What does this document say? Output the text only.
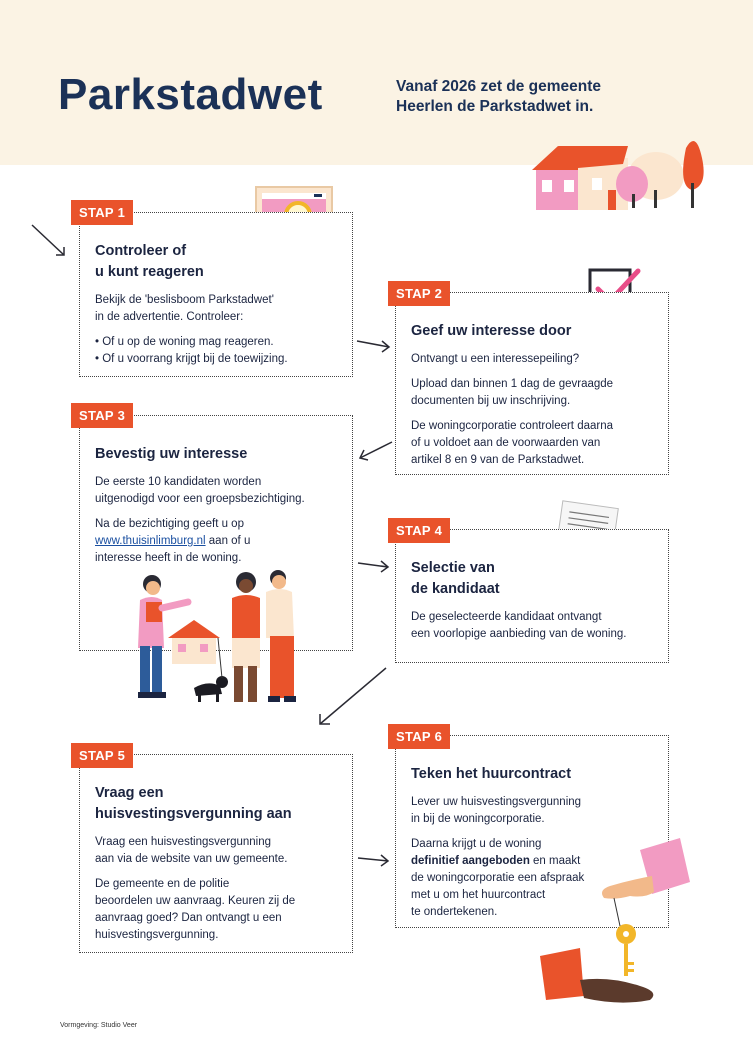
Parkstadwet	Vanaf 2026 zet de gemeente Heerlen de Parkstadwet in.
Controleer of
u kunt reageren

Bekijk de 'beslisboom Parkstadwet'
in de advertentie. Controleer:

• Of u op de woning mag reageren.
• Of u voorrang krijgt bij de toewijzing.
STAP 1
Geef uw interesse door

Ontvangt u een interessepeiling?

Upload dan binnen 1 dag de gevraagde
documenten bij uw inschrijving.

De woningcorporatie controleert daarna
of u voldoet aan de voorwaarden van
artikel 8 en 9 van de Parkstadwet.

STAP 2
Bevestig uw interesse

De eerste 10 kandidaten worden
uitgenodigd voor een groepsbezichtiging.

Na de bezichtiging geeft u op
www.thuisinlimburg.nl aan of u
interesse heeft in de woning.

STAP 3
Selectie van
de kandidaat

De geselecteerde kandidaat ontvangt
een voorlopige aanbieding van de woning.

STAP 4
Vraag een
huisvestingsvergunning aan

Vraag een huisvestingsvergunning
aan via de website van uw gemeente.

De gemeente en de politie
beoordelen uw aanvraag. Keuren zij de
aanvraag goed? Dan ontvangt u een
huisvestingsvergunning.

STAP 5
Teken het huurcontract

Lever uw huisvestingsvergunning
in bij de woningcorporatie.

Daarna krijgt u de woning
definitief aangeboden en maakt
de woningcorporatie een afspraak
met u om het huurcontract
te ondertekenen.

STAP 6
Vormgeving: Studio Veer
